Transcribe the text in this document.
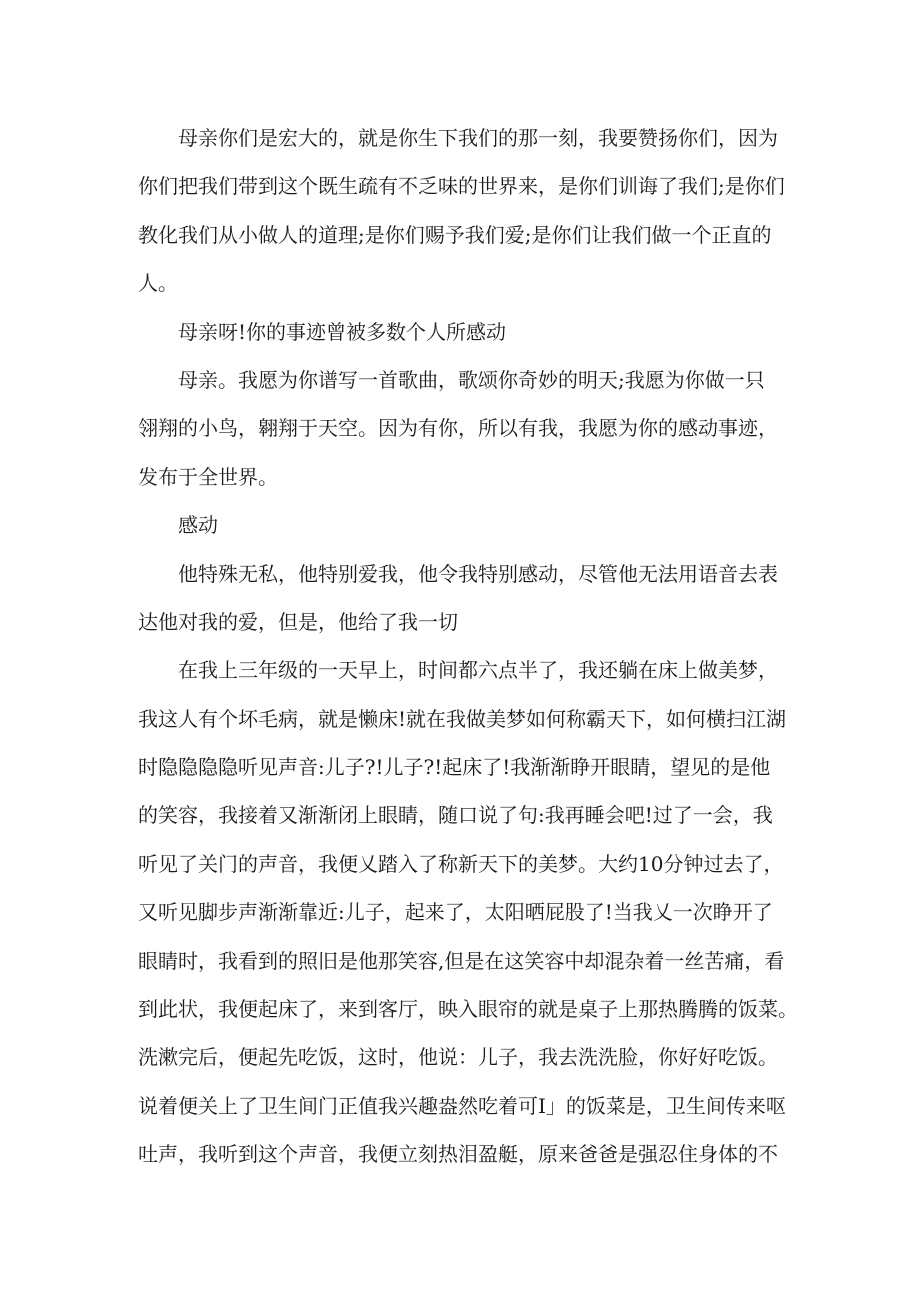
母亲你们是宏大的，就是你生下我们的那一刻，我要赞扬你们，因为
你们把我们带到这个既生疏有不乏味的世界来，是你们训诲了我们;是你们
教化我们从小做人的道理;是你们赐予我们爱;是你们让我们做一个正直的
人。

母亲呀!你的事迹曾被多数个人所感动

母亲。我愿为你谱写一首歌曲，歌颂你奇妙的明天;我愿为你做一只
翎翔的小鸟，翱翔于天空。因为有你，所以有我，我愿为你的感动事迹，
发布于全世界。

感动

他特殊无私，他特别爱我，他令我特别感动，尽管他无法用语音去表
达他对我的爱，但是，他给了我一切

在我上三年级的一天早上，时间都六点半了，我还躺在床上做美梦，
我这人有个坏毛病，就是懒床!就在我做美梦如何称霸天下，如何横扫江湖
时隐隐隐隐听见声音:儿子?!儿子?!起床了!我渐渐睁开眼睛，望见的是他
的笑容，我接着又渐渐闭上眼睛，随口说了句:我再睡会吧!过了一会，我
听见了关门的声音，我便乂踏入了称新天下的美梦。大约10分钟过去了，
又听见脚步声渐渐靠近:儿子，起来了，太阳晒屁股了!当我乂一次睁开了
眼睛时，我看到的照旧是他那笑容,但是在这笑容中却混杂着一丝苦痛，看
到此状，我便起床了，来到客厅，映入眼帘的就是桌子上那热腾腾的饭菜。
洗漱完后，便起先吃饭，这时，他说：儿子，我去洗洗脸，你好好吃饭。
说着便关上了卫生间门正值我兴趣盎然吃着可I」的饭菜是，卫生间传来呕
吐声，我听到这个声音，我便立刻热泪盈艇，原来爸爸是强忍住身体的不
